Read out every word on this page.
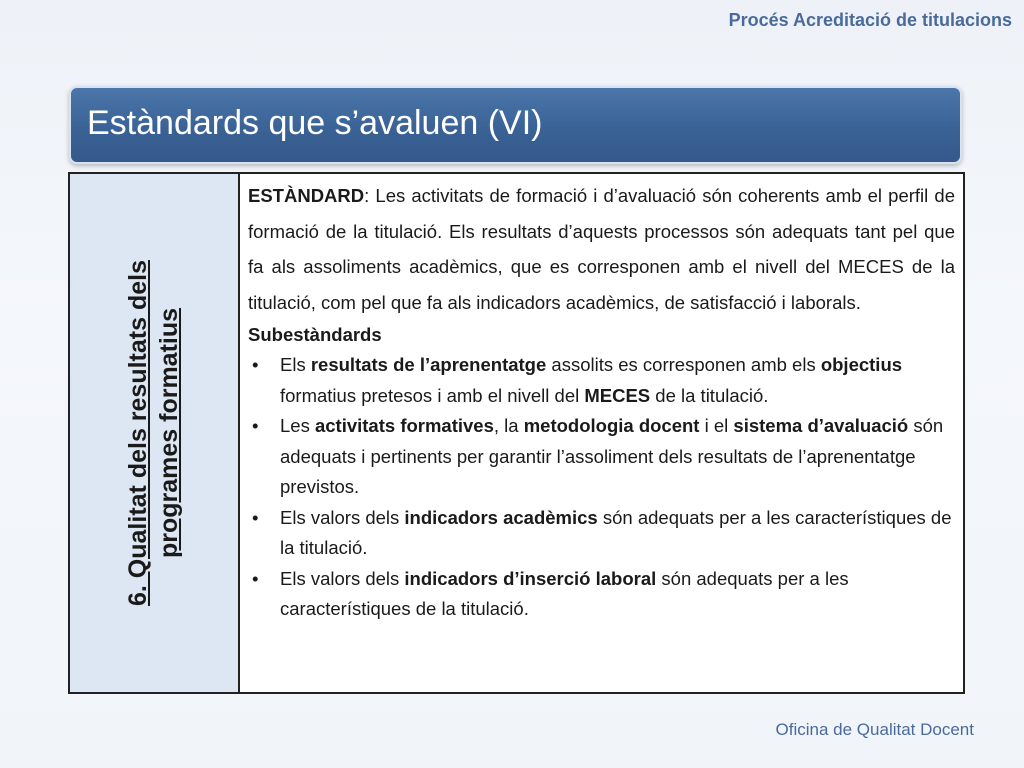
Procés Acreditació de titulacions
Estàndards que s’avaluen (VI)
6. Qualitat dels resultats dels programes formatius

ESTÀNDARD: Les activitats de formació i d’avaluació són coherents amb el perfil de formació de la titulació. Els resultats d’aquests processos són adequats tant pel que fa als assoliments acadèmics, que es corresponen amb el nivell del MECES de la titulació, com pel que fa als indicadors acadèmics, de satisfacció i laborals.

Subestàndards

• Els resultats de l’aprenentatge assolits es corresponen amb els objectius formatius pretesos i amb el nivell del MECES de la titulació.
• Les activitats formatives, la metodologia docent i el sistema d’avaluació són adequats i pertinents per garantir l’assoliment dels resultats de l’aprenentatge previstos.
• Els valors dels indicadors acadèmics són adequats per a les característiques de la titulació.
• Els valors dels indicadors d’inserció laboral són adequats per a les característiques de la titulació.
Oficina de Qualitat Docent
